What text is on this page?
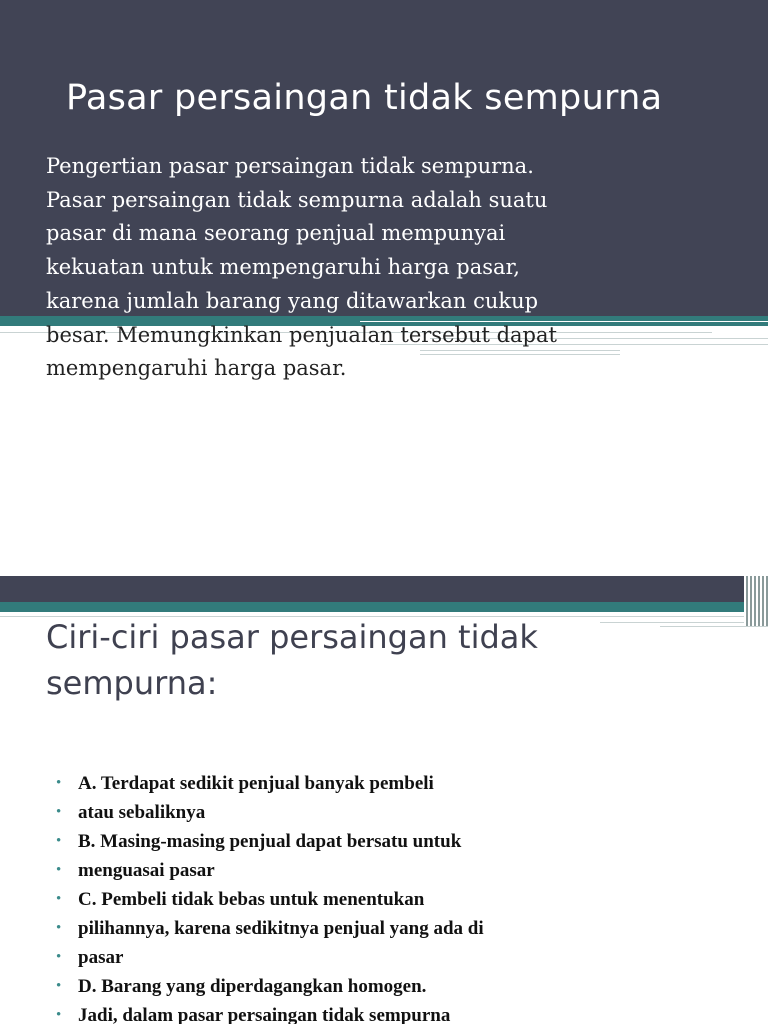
Pasar persaingan tidak sempurna
Pengertian pasar persaingan tidak sempurna.
Pasar persaingan tidak sempurna adalah suatu
pasar di mana seorang penjual mempunyai
kekuatan untuk mempengaruhi harga pasar,
karena jumlah barang yang ditawarkan cukup
besar. Memungkinkan penjualan tersebut dapat
mempengaruhi harga pasar.
Ciri-ciri pasar persaingan tidak sempurna:
• A. Terdapat sedikit penjual banyak pembeli
• atau sebaliknya
• B. Masing-masing penjual dapat bersatu untuk
• menguasai pasar
• C. Pembeli tidak bebas untuk menentukan
• pilihannya, karena sedikitnya penjual yang ada di
• pasar
• D. Barang yang diperdagangkan homogen.
• Jadi, dalam pasar persaingan tidak sempurna
